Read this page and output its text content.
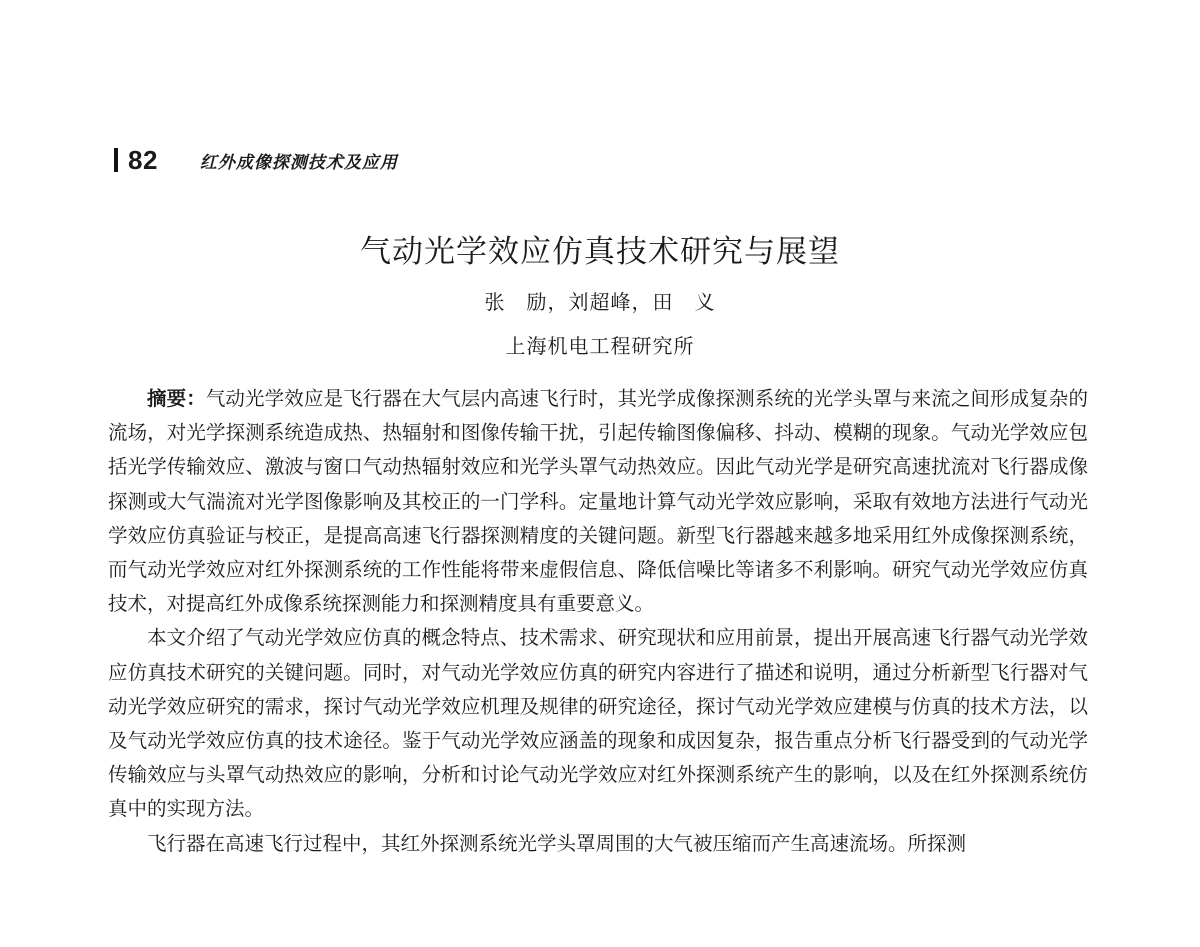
82 红外成像探测技术及应用
气动光学效应仿真技术研究与展望
张　励，刘超峰，田　义
上海机电工程研究所

摘要：气动光学效应是飞行器在大气层内高速飞行时，其光学成像探测系统的光学头罩与来流之间形成复杂的流场，对光学探测系统造成热、热辐射和图像传输干扰，引起传输图像偏移、抖动、模糊的现象。气动光学效应包括光学传输效应、激波与窗口气动热辐射效应和光学头罩气动热效应。因此气动光学是研究高速扰流对飞行器成像探测或大气湍流对光学图像影响及其校正的一门学科。定量地计算气动光学效应影响，采取有效地方法进行气动光学效应仿真验证与校正，是提高高速飞行器探测精度的关键问题。新型飞行器越来越多地采用红外成像探测系统，而气动光学效应对红外探测系统的工作性能将带来虚假信息、降低信噪比等诸多不利影响。研究气动光学效应仿真技术，对提高红外成像系统探测能力和探测精度具有重要意义。

本文介绍了气动光学效应仿真的概念特点、技术需求、研究现状和应用前景，提出开展高速飞行器气动光学效应仿真技术研究的关键问题。同时，对气动光学效应仿真的研究内容进行了描述和说明，通过分析新型飞行器对气动光学效应研究的需求，探讨气动光学效应机理及规律的研究途径，探讨气动光学效应建模与仿真的技术方法，以及气动光学效应仿真的技术途径。鉴于气动光学效应涵盖的现象和成因复杂，报告重点分析飞行器受到的气动光学传输效应与头罩气动热效应的影响，分析和讨论气动光学效应对红外探测系统产生的影响，以及在红外探测系统仿真中的实现方法。

飞行器在高速飞行过程中，其红外探测系统光学头罩周围的大气被压缩而产生高速流场。所探测
